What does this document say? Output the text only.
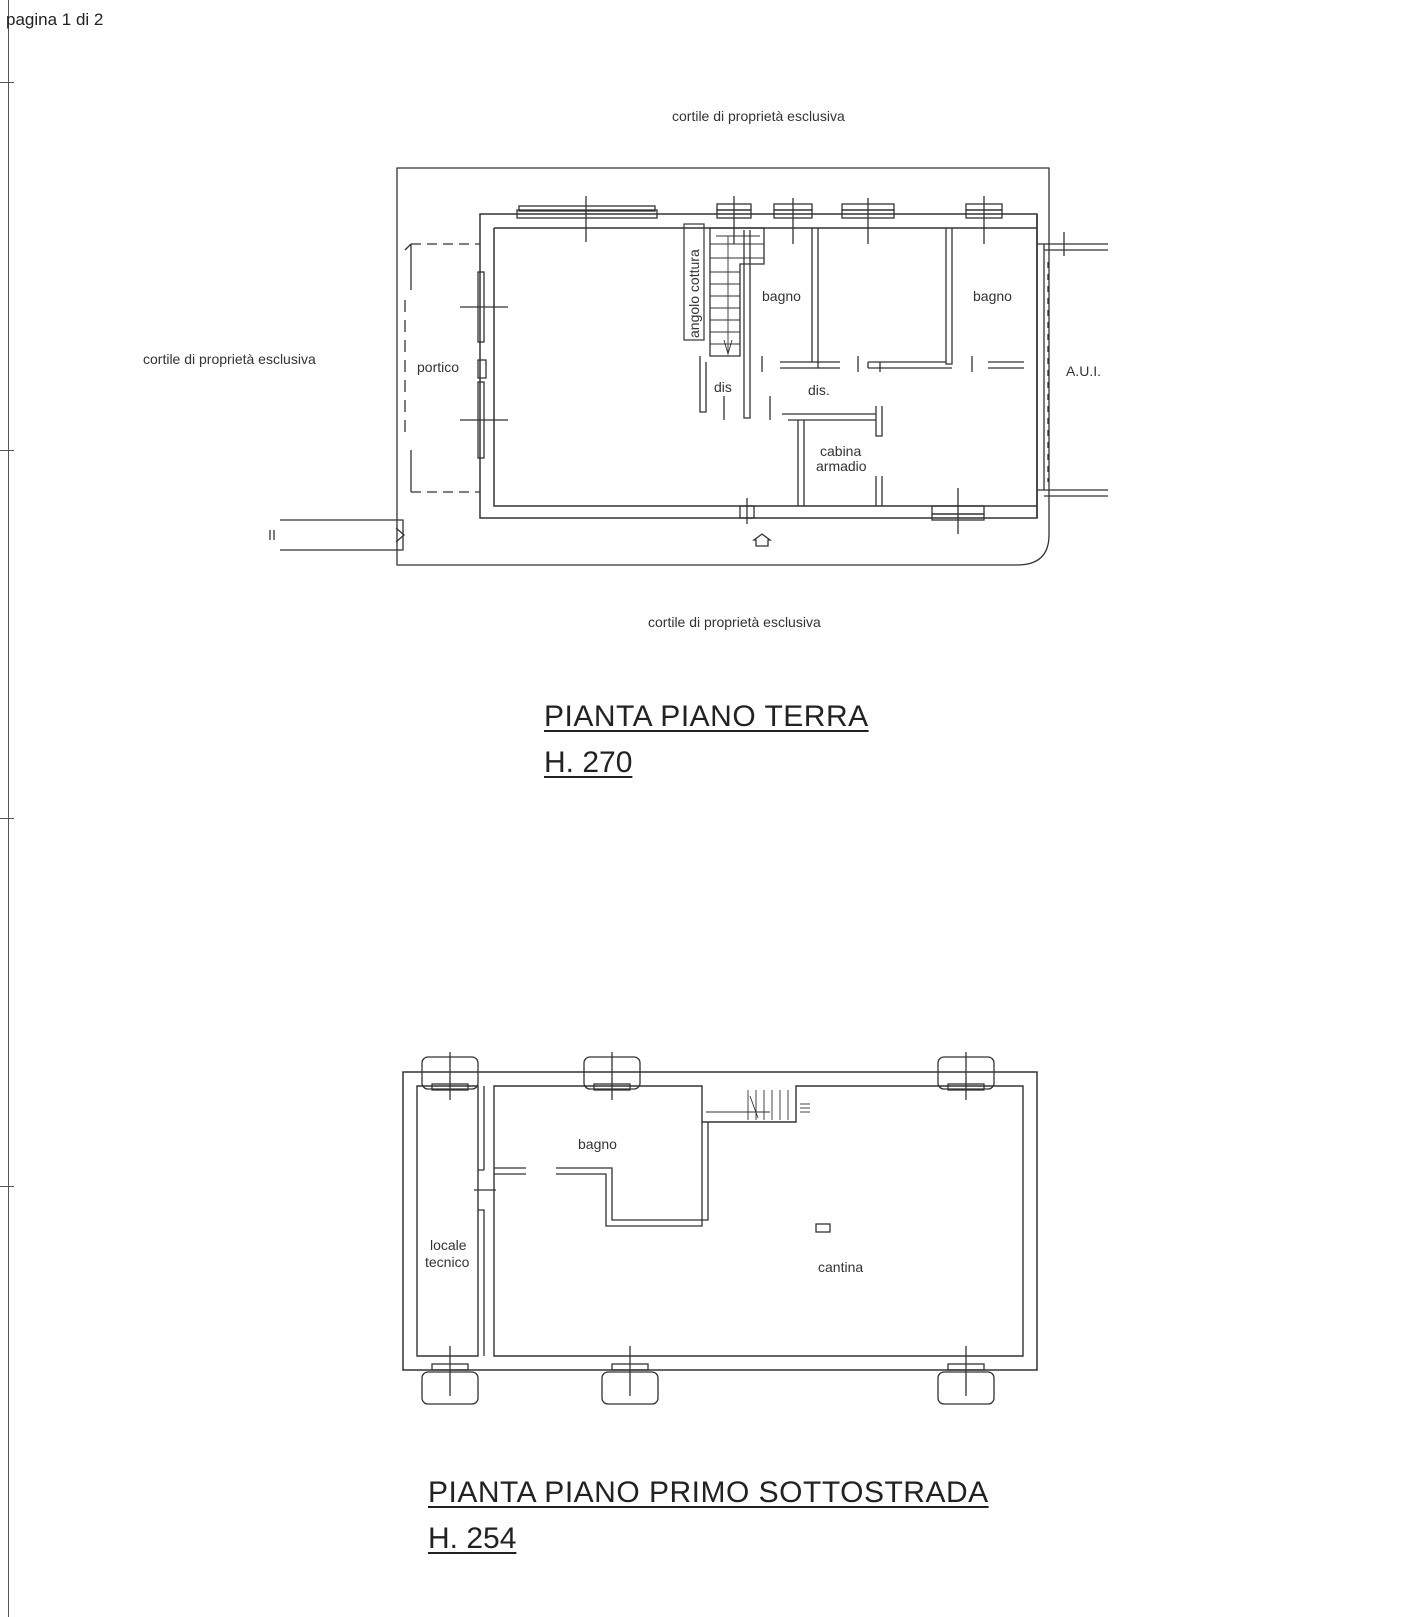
pagina 1 di 2
cortile di proprietà esclusiva
cortile di proprietà esclusiva
cortile di proprietà esclusiva
portico
angolo cottura	bagno	bagno
dis	dis.
cabina
armadio
A.U.I.
bagno
locale
tecnico	cantina
PIANTA PIANO TERRA
H. 270
PIANTA PIANO PRIMO SOTTOSTRADA
H. 254
